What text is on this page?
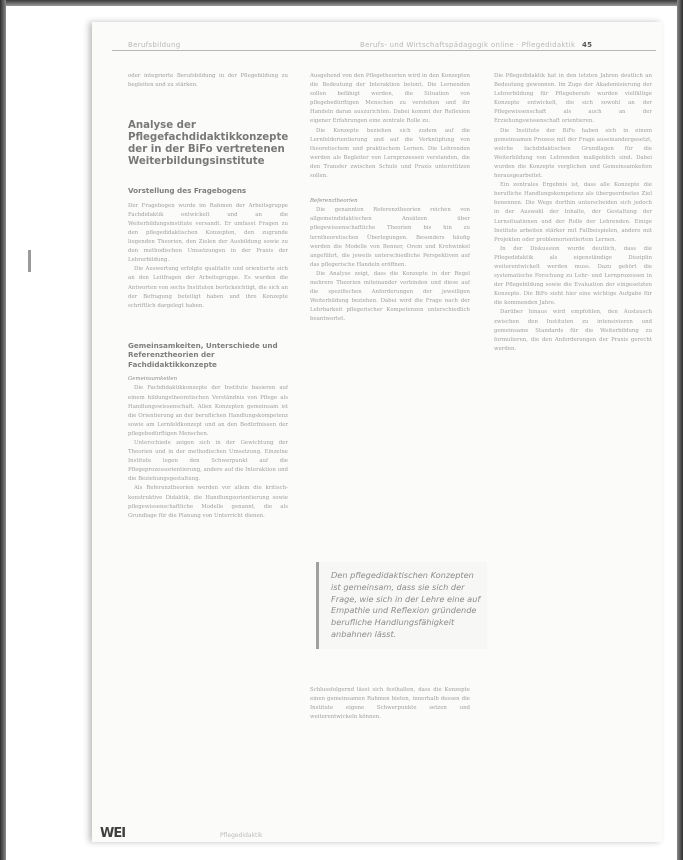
Berufsbildung	Berufs- und Wirtschaftspädagogik online · Pflegedidaktik 45

oder integrierte Berufsbildung in der Pflegebildung zu begleiten und zu stärken.

Analyse der Pflegefachdidaktikkonzepte der in der BiFo vertretenen Weiterbildungsinstitute
Vorstellung des Fragebogens

Der Fragebogen wurde im Rahmen der Arbeitsgruppe Fachdidaktik entwickelt und an die Weiterbildungsinstitute versandt. Er umfasst Fragen zu den pflegedidaktischen Konzepten, den zugrunde liegenden Theorien, den Zielen der Ausbildung sowie zu den methodischen Umsetzungen in der Praxis der Lehrerbildung.

Die Auswertung erfolgte qualitativ und orientierte sich an den Leitfragen der Arbeitsgruppe. Es wurden die Antworten von sechs Instituten berücksichtigt, die sich an der Befragung beteiligt haben und ihre Konzepte schriftlich dargelegt haben.

Gemeinsamkeiten, Unterschiede und Referenztheorien der Fachdidaktikkonzepte

Gemeinsamkeiten

Die Fachdidaktikkonzepte der Institute basieren auf einem bildungstheoretischen Verständnis von Pflege als Handlungswissenschaft. Allen Konzepten gemeinsam ist die Orientierung an der beruflichen Handlungskompetenz sowie am Lernfeldkonzept und an den Bedürfnissen der pflegebedürftigen Menschen.

Unterschiede zeigen sich in der Gewichtung der Theorien und in der methodischen Umsetzung. Einzelne Institute legen den Schwerpunkt auf die Pflegeprozessorientierung, andere auf die Interaktion und die Beziehungsgestaltung.

Als Referenztheorien werden vor allem die kritisch-konstruktive Didaktik, die Handlungsorientierung sowie pflegewissenschaftliche Modelle genannt, die als Grundlage für die Planung von Unterricht dienen.

Ausgehend von den Pflegetheorien wird in den Konzepten die Bedeutung der Interaktion betont. Die Lernenden sollen befähigt werden, die Situation von pflegebedürftigen Menschen zu verstehen und ihr Handeln daran auszurichten. Dabei kommt der Reflexion eigener Erfahrungen eine zentrale Rolle zu.

Die Konzepte beziehen sich zudem auf die Lernfeldorientierung und auf die Verknüpfung von theoretischem und praktischem Lernen. Die Lehrenden werden als Begleiter von Lernprozessen verstanden, die den Transfer zwischen Schule und Praxis unterstützen sollen.

Referenztheorien

Die genannten Referenztheorien reichen von allgemeindidaktischen Ansätzen über pflegewissenschaftliche Theorien bis hin zu lerntheoretischen Überlegungen. Besonders häufig werden die Modelle von Benner, Orem und Krohwinkel angeführt, die jeweils unterschiedliche Perspektiven auf das pflegerische Handeln eröffnen.

Die Analyse zeigt, dass die Konzepte in der Regel mehrere Theorien miteinander verbinden und diese auf die spezifischen Anforderungen der jeweiligen Weiterbildung beziehen. Dabei wird die Frage nach der Lehrbarkeit pflegerischer Kompetenzen unterschiedlich beantwortet.

Den pflegedidaktischen Konzepten ist gemeinsam, dass sie sich der Frage, wie sich in der Lehre eine auf Empathie und Reflexion gründende berufliche Handlungsfähigkeit anbahnen lässt.

Schlussfolgernd lässt sich festhalten, dass die Konzepte einen gemeinsamen Rahmen bieten, innerhalb dessen die Institute eigene Schwerpunkte setzen und weiterentwickeln können.

Die Pflegedidaktik hat in den letzten Jahren deutlich an Bedeutung gewonnen. Im Zuge der Akademisierung der Lehrerbildung für Pflegeberufe wurden vielfältige Konzepte entwickelt, die sich sowohl an der Pflegewissenschaft als auch an der Erziehungswissenschaft orientieren.

Die Institute der BiFo haben sich in einem gemeinsamen Prozess mit der Frage auseinandergesetzt, welche fachdidaktischen Grundlagen für die Weiterbildung von Lehrenden maßgeblich sind. Dabei wurden die Konzepte verglichen und Gemeinsamkeiten herausgearbeitet.

Ein zentrales Ergebnis ist, dass alle Konzepte die berufliche Handlungskompetenz als übergeordnetes Ziel benennen. Die Wege dorthin unterscheiden sich jedoch in der Auswahl der Inhalte, der Gestaltung der Lernsituationen und der Rolle der Lehrenden. Einige Institute arbeiten stärker mit Fallbeispielen, andere mit Projekten oder problemorientiertem Lernen.

In der Diskussion wurde deutlich, dass die Pflegedidaktik als eigenständige Disziplin weiterentwickelt werden muss. Dazu gehört die systematische Forschung zu Lehr- und Lernprozessen in der Pflegebildung sowie die Evaluation der eingesetzten Konzepte. Die BiFo sieht hier eine wichtige Aufgabe für die kommenden Jahre.

Darüber hinaus wird empfohlen, den Austausch zwischen den Instituten zu intensivieren und gemeinsame Standards für die Weiterbildung zu formulieren, die den Anforderungen der Praxis gerecht werden.

WEI	Pflegedidaktik
